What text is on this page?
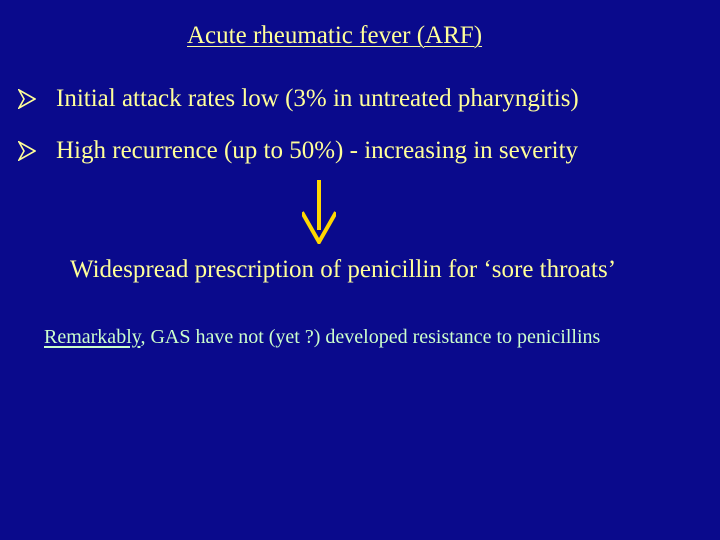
Acute rheumatic fever (ARF)
Initial attack rates low (3% in untreated pharyngitis)
High recurrence (up to 50%) - increasing in severity
Widespread prescription of penicillin for ‘sore throats’
Remarkably, GAS have not (yet ?) developed resistance to penicillins
